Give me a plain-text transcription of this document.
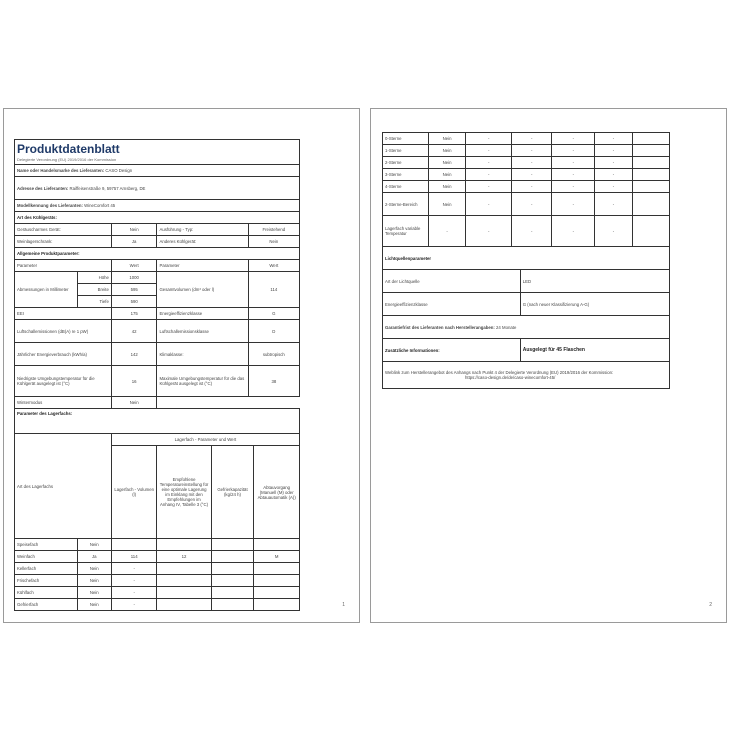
Produktdatenblatt
Delegierte Verordnung (EU) 2019/2016 der Kommission				

Name oder Handelsmarke des Lieferanten: CASO Design				
Adresse des Lieferanten: Raiffeisenstraße 9, 59757 Arnsberg, DE				
Modellkennung des Lieferanten: WineComfort 45				
Art des Kühlgeräts:				
Geräuscharmes Gerät:		Nein	Ausführung - Typ:	Freistehend
Weinlagerschrank:		Ja	Anderes Kühlgerät:	Nein
Allgemeine Produktparameter:				
Parameter		Wert	Parameter	Wert
Abmessungen in Millimeter	Höhe	1000	Gesamtvolumen (dm³ oder l)	114
	Breite	595		
	Tiefe	590		
EEI		175	Energieeffizienzklasse	G
Luftschallemissionen (dB(A) re 1 pW)		42	Luftschallemissionsklasse	D
Jährlicher Energieverbrauch (kWh/a)		142	Klimaklasse:	subtropisch
Niedrigste Umgebungstemperatur für die Kühlgerät ausgelegt ist (°C)		16	Maximale Umgebungstemperatur für die das Kühlgerät ausgelegt ist (°C)	38
Wintermodus		Nein		
Parameter des Lagerfachs:				
Art des Lagerfachs		Lagerfach - Parameter und Wert			
		Lagerfach - Volumen (l)	Empfohlene Temperatureinstellung für eine optimale Lagerung im Einklang mit den Empfehlungen im Anhang IV, Tabelle 3 (°C)	Gefrierkapazität (kg/24 h)	Abtauvorgang (Manuell (M) oder Abtauautomatik (A))
Speisefach	Nein				
Weinfach	Ja	114	12		M
Kellerfach	Nein	-			
Frischefach	Nein	-			
Kühlfach	Nein	-			
Gefrierfach	Nein	-				1
0-Sterne	Nein	-	-	-	-	
1-Sterne	Nein	-	-	-	-	
2-Sterne	Nein	-	-	-	-	
3-Sterne	Nein	-	-	-	-	
4-Sterne	Nein	-	-	-	-	
2-Sterne-Bereich	Nein	-	-	-	-	
Lagerfach variable Temperatur	-	-	-	-	-	
Lichtquellenparameter	
Art der Lichtquelle	LED
Energieeffizienzklasse	G (nach neuer Klassifizierung A-G)
Garantiefrist des Lieferanten nach Herstellerangaben: 24 Monate	
Zusätzliche Informationen:	Ausgelegt für 45 Flaschen

Weblink zum Herstellerangebot des Anhangs nach Punkt 4 der Delegierte Verordnung (EU) 2019/2016 der Kommission:
https://caso-design.de/de/caso-winecomfort-45/	
2
